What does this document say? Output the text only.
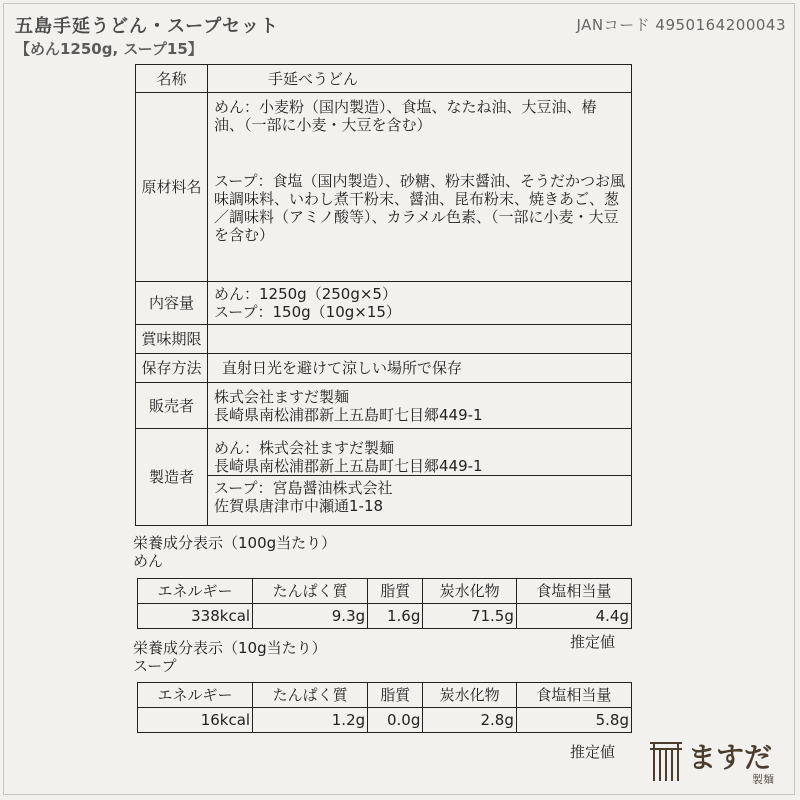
五島手延うどん・スープセット
【めん1250g, スープ15】
JANコード 4950164200043
名称	手延べうどん
原材料名	めん：小麦粉（国内製造）、食塩、なたね油、大豆油、椿油、（一部に小麦・大豆を含む）
スープ：食塩（国内製造）、砂糖、粉末醤油、そうだかつお風味調味料、いわし煮干粉末、醤油、昆布粉末、焼きあご、葱／調味料（アミノ酸等）、カラメル色素、（一部に小麦・大豆を含む）

内容量	めん：1250g（250g×5）
スープ：150g（10g×15）

賞味期限	
保存方法	直射日光を避けて涼しい場所で保存
販売者	株式会社ますだ製麺
長崎県南松浦郡新上五島町七目郷449-1

製造者	めん：株式会社ますだ製麺
長崎県南松浦郡新上五島町七目郷449-1
スープ：宮島醤油株式会社
佐賀県唐津市中瀬通1-18
栄養成分表示（100g当たり）
めん
エネルギー	たんぱく質	脂質	炭水化物	食塩相当量
338kcal	9.3g	1.6g	71.5g	4.4g
推定値
栄養成分表示（10g当たり）
スープ
エネルギー	たんぱく質	脂質	炭水化物	食塩相当量
16kcal	1.2g	0.0g	2.8g	5.8g
推定値	ますだ
製麺
